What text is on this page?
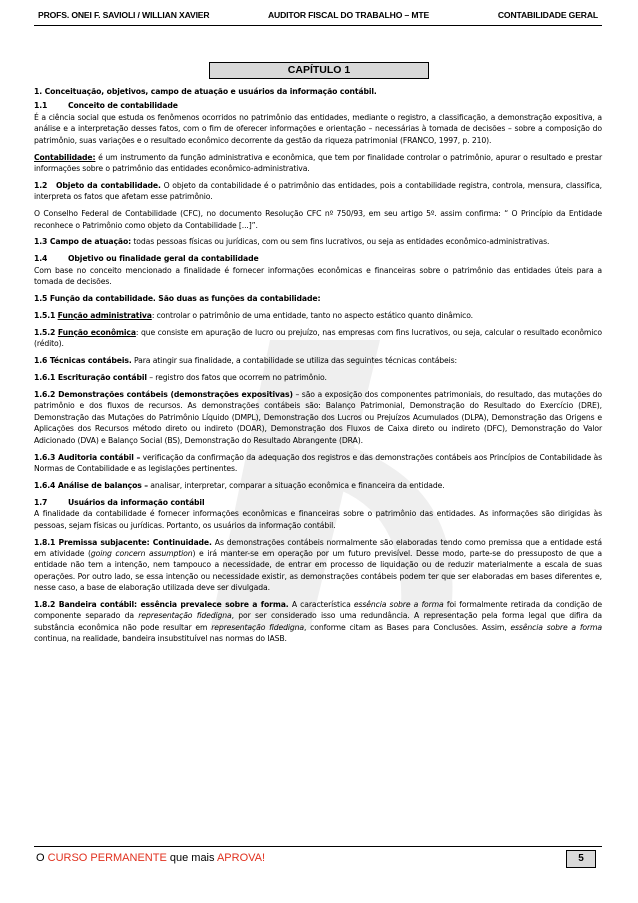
PROFS. ONEI F. SAVIOLI / WILLIAN XAVIER	AUDITOR FISCAL DO TRABALHO – MTE	CONTABILIDADE GERAL
CAPÍTULO 1

1. Conceituação, objetivos, campo de atuação e usuários da informação contábil.

1.1	Conceito de contabilidade

É a ciência social que estuda os fenômenos ocorridos no patrimônio das entidades, mediante o registro, a classificação, a demonstração expositiva, a análise e a interpretação desses fatos, com o fim de oferecer informações e orientação – necessárias à tomada de decisões – sobre a composição do patrimônio, suas variações e o resultado econômico decorrente da gestão da riqueza patrimonial (FRANCO, 1997, p. 210).

Contabilidade: é um instrumento da função administrativa e econômica, que tem por finalidade controlar o patrimônio, apurar o resultado e prestar informações sobre o patrimônio das entidades econômico-administrativa.

1.2 Objeto da contabilidade. O objeto da contabilidade é o patrimônio das entidades, pois a contabilidade registra, controla, mensura, classifica, interpreta os fatos que afetam esse patrimônio.

O Conselho Federal de Contabilidade (CFC), no documento Resolução CFC nº 750/93, em seu artigo 5º. assim confirma: “ O Princípio da Entidade reconhece o Patrimônio como objeto da Contabilidade [...]”.

1.3 Campo de atuação: todas pessoas físicas ou jurídicas, com ou sem fins lucrativos, ou seja as entidades econômico-administrativas.

1.4	Objetivo ou finalidade geral da contabilidade

Com base no conceito mencionado a finalidade é fornecer informações econômicas e financeiras sobre o patrimônio das entidades úteis para a tomada de decisões.

1.5 Função da contabilidade. São duas as funções da contabilidade:

1.5.1 Função administrativa: controlar o patrimônio de uma entidade, tanto no aspecto estático quanto dinâmico.

1.5.2 Função econômica: que consiste em apuração de lucro ou prejuízo, nas empresas com fins lucrativos, ou seja, calcular o resultado econômico (rédito).

1.6 Técnicas contábeis. Para atingir sua finalidade, a contabilidade se utiliza das seguintes técnicas contábeis:

1.6.1 Escrituração contábil – registro dos fatos que ocorrem no patrimônio.

1.6.2 Demonstrações contábeis (demonstrações expositivas) – são a exposição dos componentes patrimoniais, do resultado, das mutações do patrimônio e dos fluxos de recursos. As demonstrações contábeis são: Balanço Patrimonial, Demonstração do Resultado do Exercício (DRE), Demonstração das Mutações do Patrimônio Líquido (DMPL), Demonstração dos Lucros ou Prejuízos Acumulados (DLPA), Demonstração das Origens e Aplicações dos Recursos método direto ou indireto (DOAR), Demonstração dos Fluxos de Caixa direto ou indireto (DFC), Demonstração do Valor Adicionado (DVA) e Balanço Social (BS), Demonstração do Resultado Abrangente (DRA).

1.6.3 Auditoria contábil – verificação da confirmação da adequação dos registros e das demonstrações contábeis aos Princípios de Contabilidade às Normas de Contabilidade e as legislações pertinentes.

1.6.4 Análise de balanços – analisar, interpretar, comparar a situação econômica e financeira da entidade.

1.7	Usuários da informação contábil

A finalidade da contabilidade é fornecer informações econômicas e financeiras sobre o patrimônio das entidades. As informações são dirigidas às pessoas, sejam físicas ou jurídicas. Portanto, os usuários da informação contábil.

1.8.1 Premissa subjacente: Continuidade. As demonstrações contábeis normalmente são elaboradas tendo como premissa que a entidade está em atividade (going concern assumption) e irá manter-se em operação por um futuro previsível. Desse modo, parte-se do pressuposto de que a entidade não tem a intenção, nem tampouco a necessidade, de entrar em processo de liquidação ou de reduzir materialmente a escala de suas operações. Por outro lado, se essa intenção ou necessidade existir, as demonstrações contábeis podem ter que ser elaboradas em bases diferentes e, nesse caso, a base de elaboração utilizada deve ser divulgada.

1.8.2 Bandeira contábil: essência prevalece sobre a forma. A característica essência sobre a forma foi formalmente retirada da condição de componente separado da representação fidedigna, por ser considerado isso uma redundância. A representação pela forma legal que difira da substância econômica não pode resultar em representação fidedigna, conforme citam as Bases para Conclusões. Assim, essência sobre a forma continua, na realidade, bandeira insubstituível nas normas do IASB.

O CURSO PERMANENTE que mais APROVA!	5
